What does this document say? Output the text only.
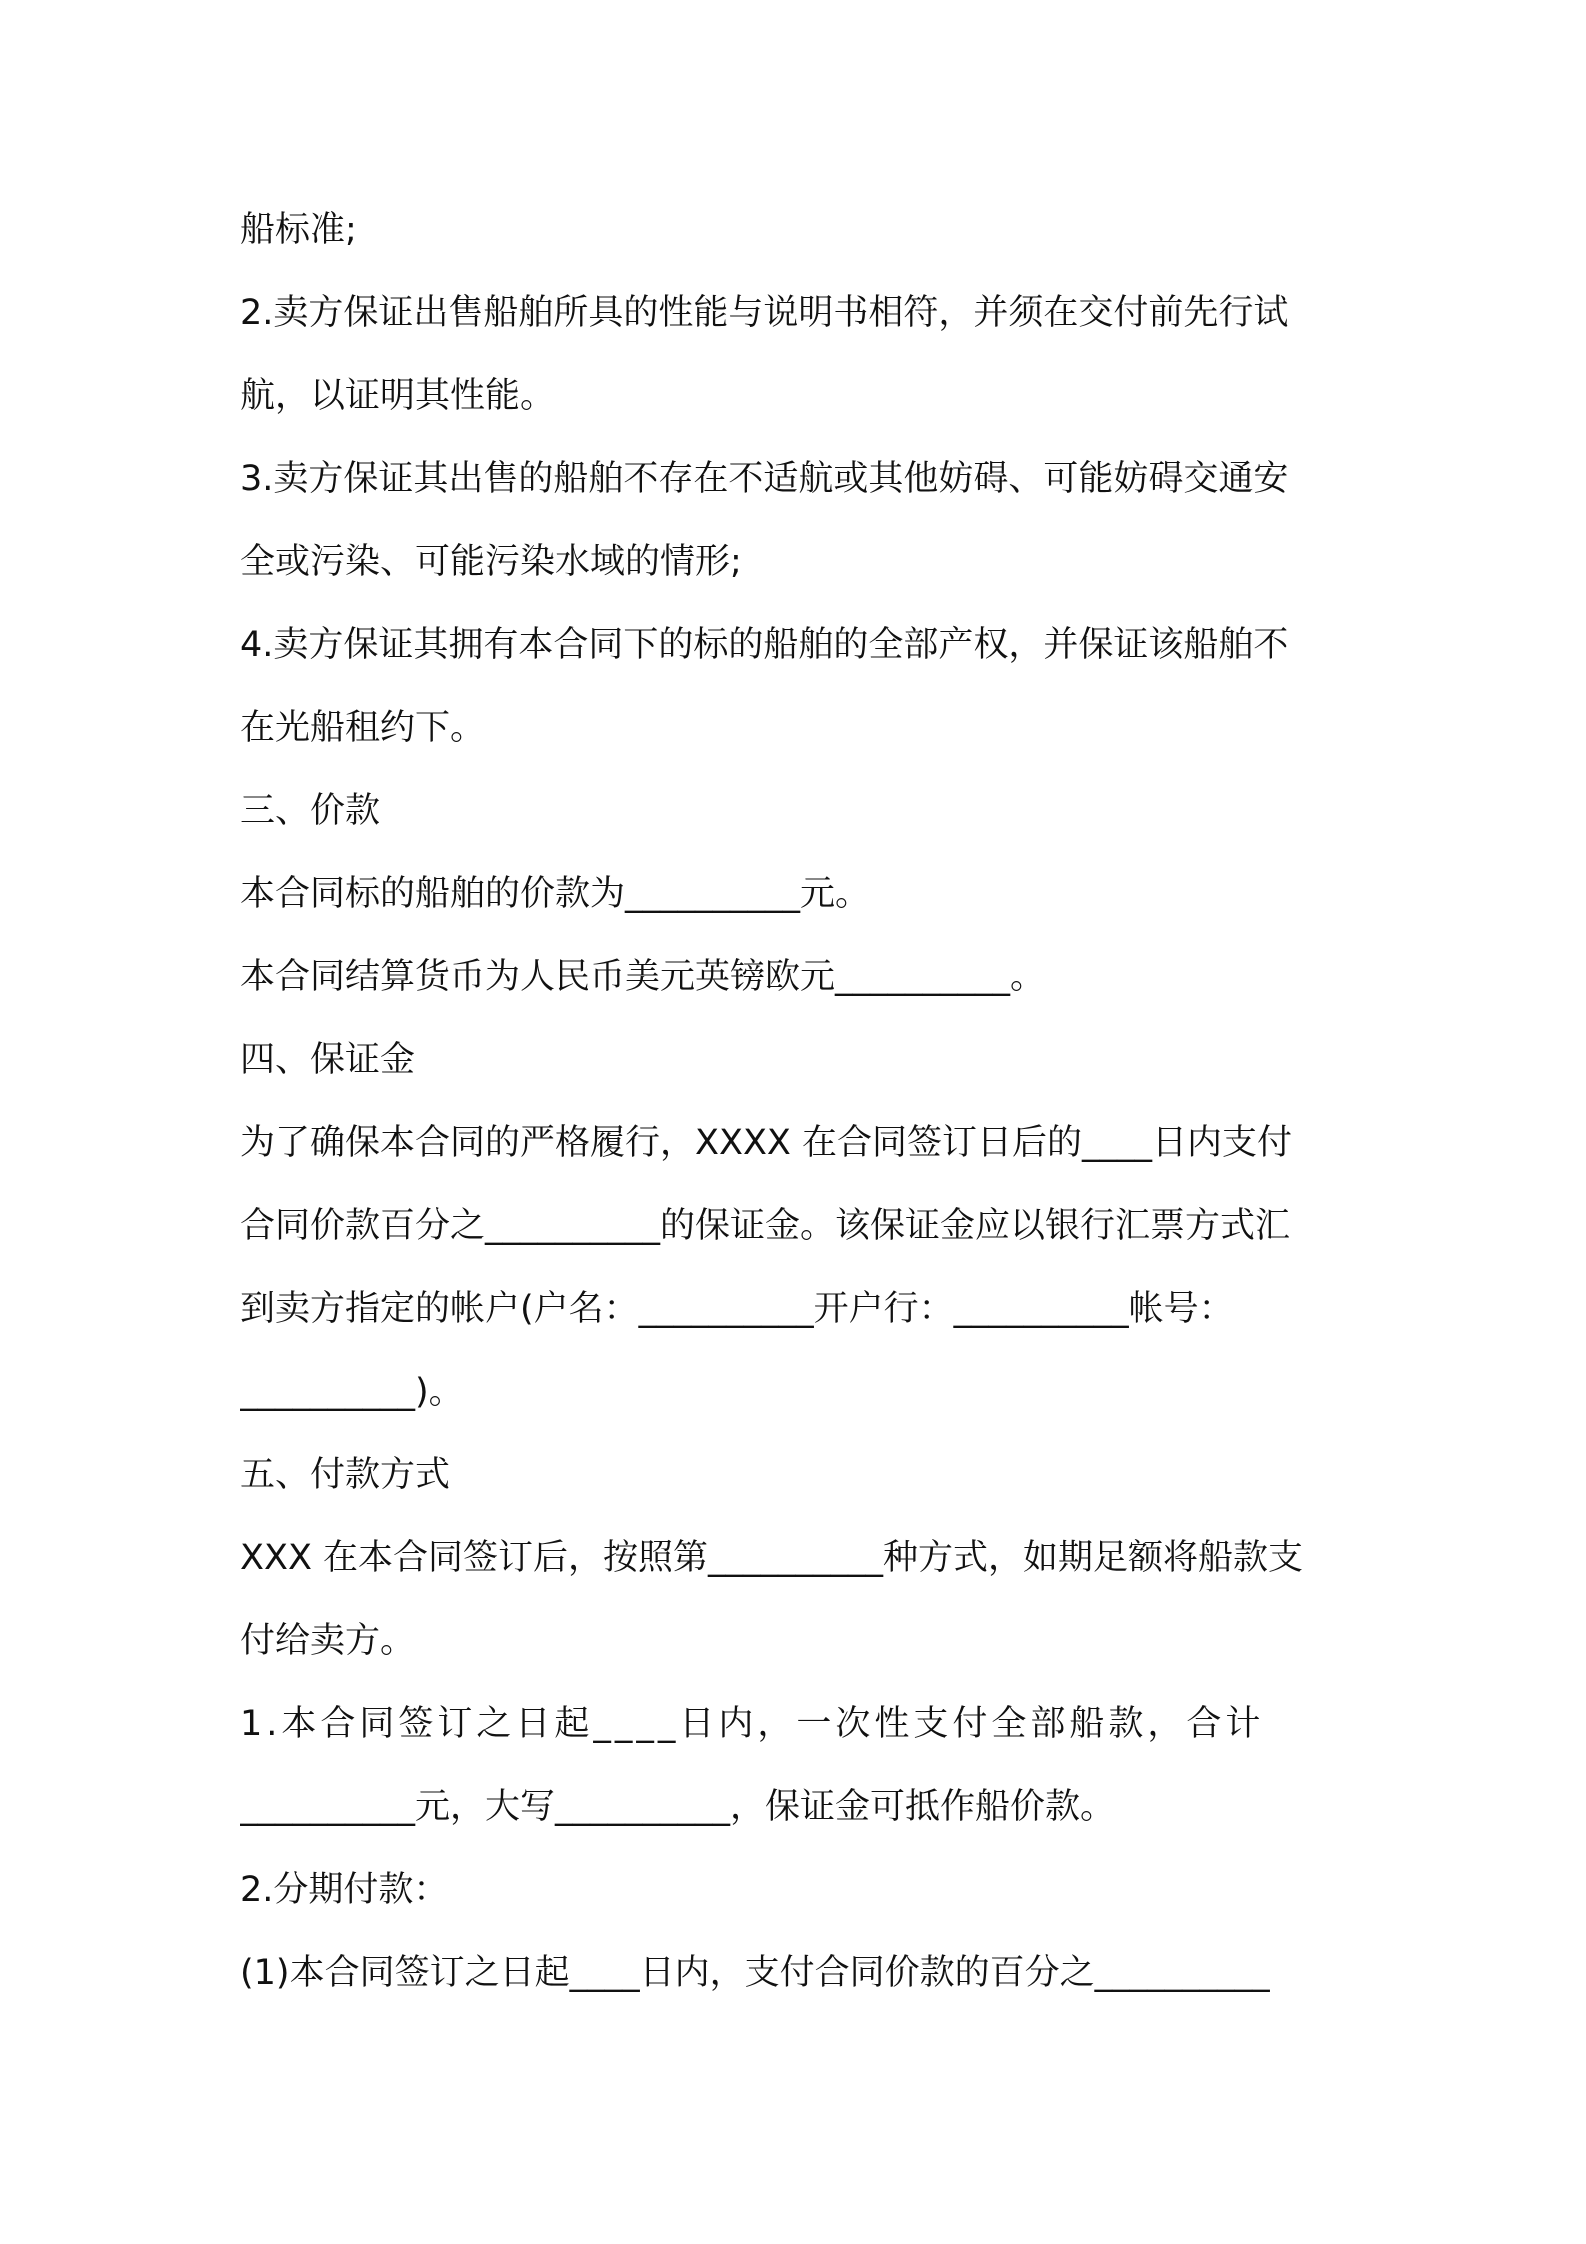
船标准;
2.卖方保证出售船舶所具的性能与说明书相符，并须在交付前先行试
航，以证明其性能。
3.卖方保证其出售的船舶不存在不适航或其他妨碍、可能妨碍交通安
全或污染、可能污染水域的情形;
4.卖方保证其拥有本合同下的标的船舶的全部产权，并保证该船舶不
在光船租约下。
三、价款
本合同标的船舶的价款为__________元。
本合同结算货币为人民币美元英镑欧元__________。
四、保证金
为了确保本合同的严格履行，XXXX 在合同签订日后的____日内支付
合同价款百分之__________的保证金。该保证金应以银行汇票方式汇
到卖方指定的帐户(户名：__________开户行：__________帐号：
__________)。
五、付款方式
XXX 在本合同签订后，按照第__________种方式，如期足额将船款支
付给卖方。
1.本合同签订之日起____日内，一次性支付全部船款，合计
__________元，大写__________，保证金可抵作船价款。
2.分期付款：
(1)本合同签订之日起____日内，支付合同价款的百分之__________
